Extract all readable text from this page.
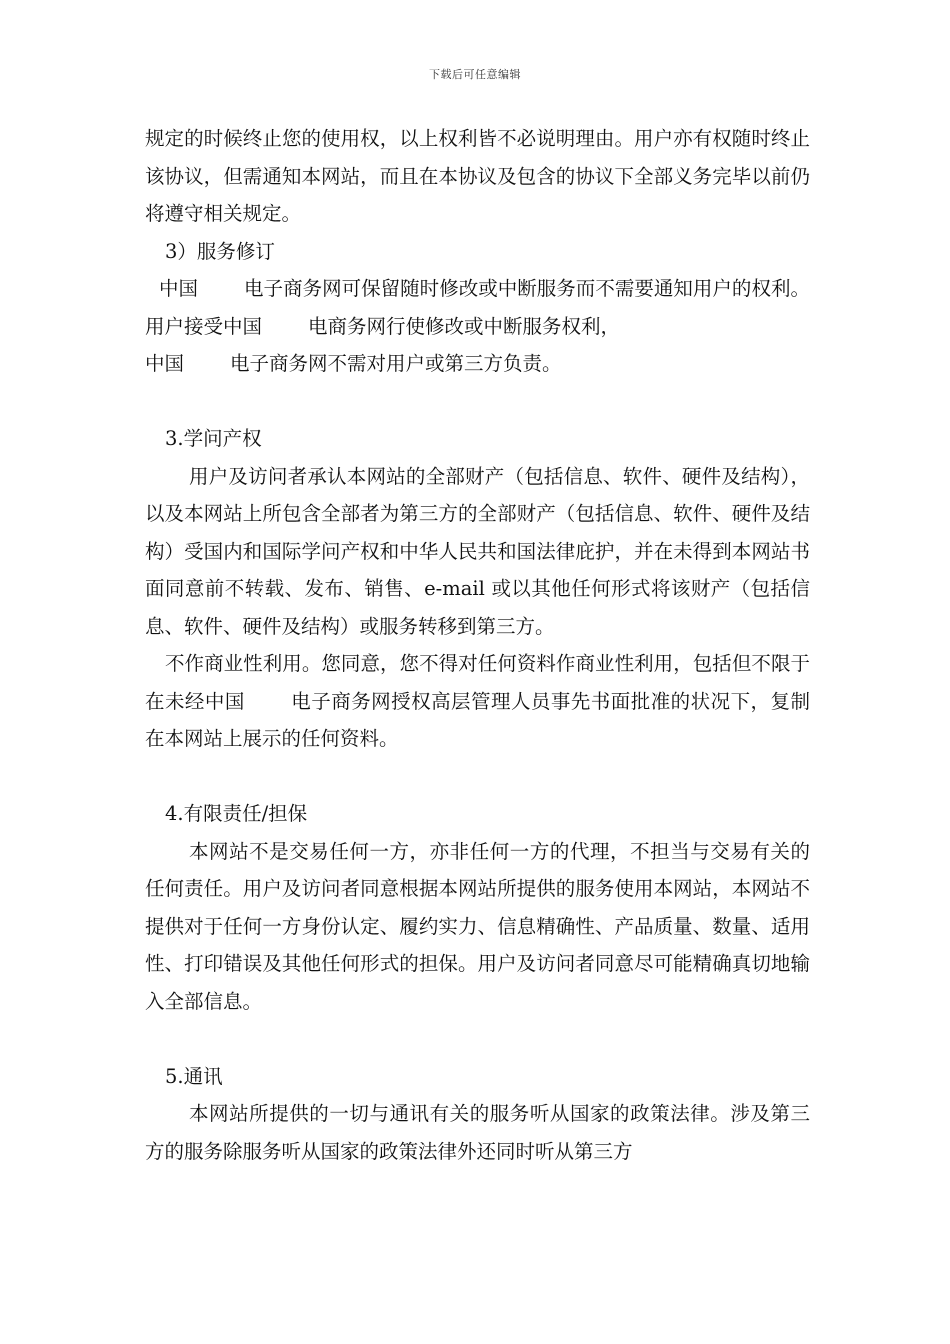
下载后可任意编辑

规定的时候终止您的使用权，以上权利皆不必说明理由。用户亦有权随时终止该协议，但需通知本网站，而且在本协议及包含的协议下全部义务完毕以前仍将遵守相关规定。

3）服务修订

中国 电子商务网可保留随时修改或中断服务而不需要通知用户的权利。用户接受中国 电商务网行使修改或中断服务权利，
中国 电子商务网不需对用户或第三方负责。

3.学问产权

用户及访问者承认本网站的全部财产（包括信息、软件、硬件及结构），以及本网站上所包含全部者为第三方的全部财产（包括信息、软件、硬件及结构）受国内和国际学问产权和中华人民共和国法律庇护，并在未得到本网站书面同意前不转载、发布、销售、e-mail 或以其他任何形式将该财产（包括信息、软件、硬件及结构）或服务转移到第三方。

不作商业性利用。您同意，您不得对任何资料作商业性利用，包括但不限于在未经中国 电子商务网授权高层管理人员事先书面批准的状况下，复制在本网站上展示的任何资料。

4.有限责任/担保

本网站不是交易任何一方，亦非任何一方的代理，不担当与交易有关的任何责任。用户及访问者同意根据本网站所提供的服务使用本网站，本网站不提供对于任何一方身份认定、履约实力、信息精确性、产品质量、数量、适用性、打印错误及其他任何形式的担保。用户及访问者同意尽可能精确真切地输入全部信息。

5.通讯

本网站所提供的一切与通讯有关的服务听从国家的政策法律。涉及第三方的服务除服务听从国家的政策法律外还同时听从第三方
